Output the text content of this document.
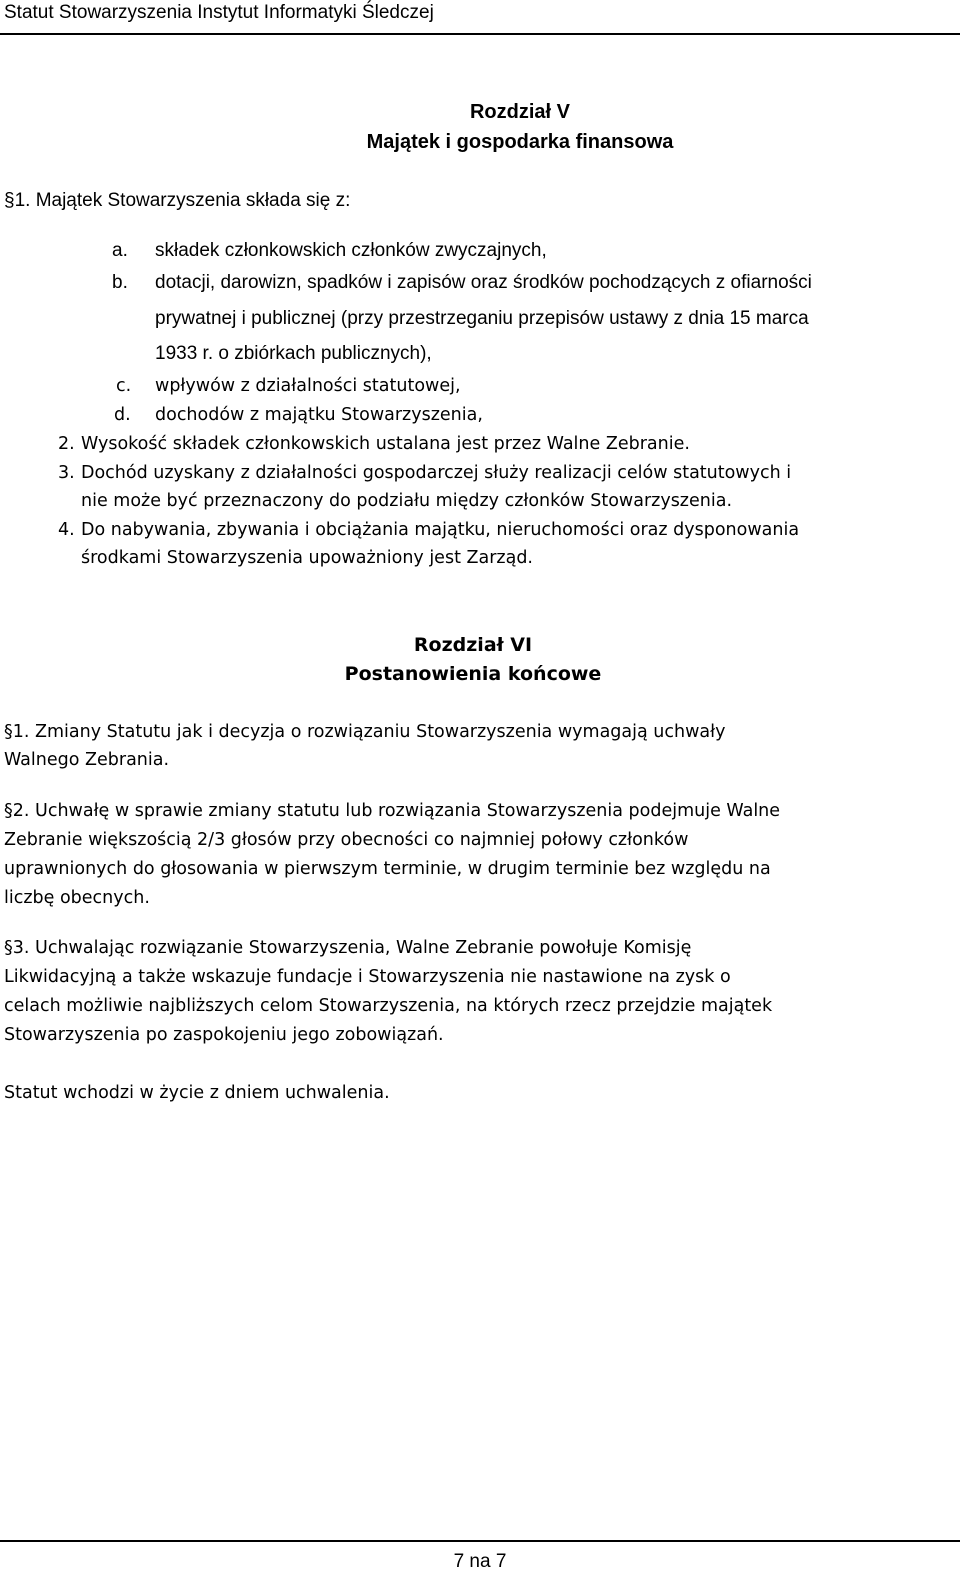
Statut Stowarzyszenia Instytut Informatyki Śledczej
Rozdział V
Majątek i gospodarka finansowa
§1. Majątek Stowarzyszenia składa się z:
a. składek członkowskich członków zwyczajnych,
b. dotacji, darowizn, spadków i zapisów oraz środków pochodzących z ofiarności
prywatnej i publicznej (przy przestrzeganiu przepisów ustawy z dnia 15 marca
1933 r. o zbiórkach publicznych),
c. wpływów z działalności statutowej,
d. dochodów z majątku Stowarzyszenia,
2. Wysokość składek członkowskich ustalana jest przez Walne Zebranie.
3. Dochód uzyskany z działalności gospodarczej służy realizacji celów statutowych i
nie może być przeznaczony do podziału między członków Stowarzyszenia.
4. Do nabywania, zbywania i obciążania majątku, nieruchomości oraz dysponowania
środkami Stowarzyszenia upoważniony jest Zarząd.
Rozdział VI
Postanowienia końcowe
§1. Zmiany Statutu jak i decyzja o rozwiązaniu Stowarzyszenia wymagają uchwały
Walnego Zebrania.
§2. Uchwałę w sprawie zmiany statutu lub rozwiązania Stowarzyszenia podejmuje Walne
Zebranie większością 2/3 głosów przy obecności co najmniej połowy członków
uprawnionych do głosowania w pierwszym terminie, w drugim terminie bez względu na
liczbę obecnych.
§3. Uchwalając rozwiązanie Stowarzyszenia, Walne Zebranie powołuje Komisję
Likwidacyjną a także wskazuje fundacje i Stowarzyszenia nie nastawione na zysk o
celach możliwie najbliższych celom Stowarzyszenia, na których rzecz przejdzie majątek
Stowarzyszenia po zaspokojeniu jego zobowiązań.
Statut wchodzi w życie z dniem uchwalenia.
7 na 7
